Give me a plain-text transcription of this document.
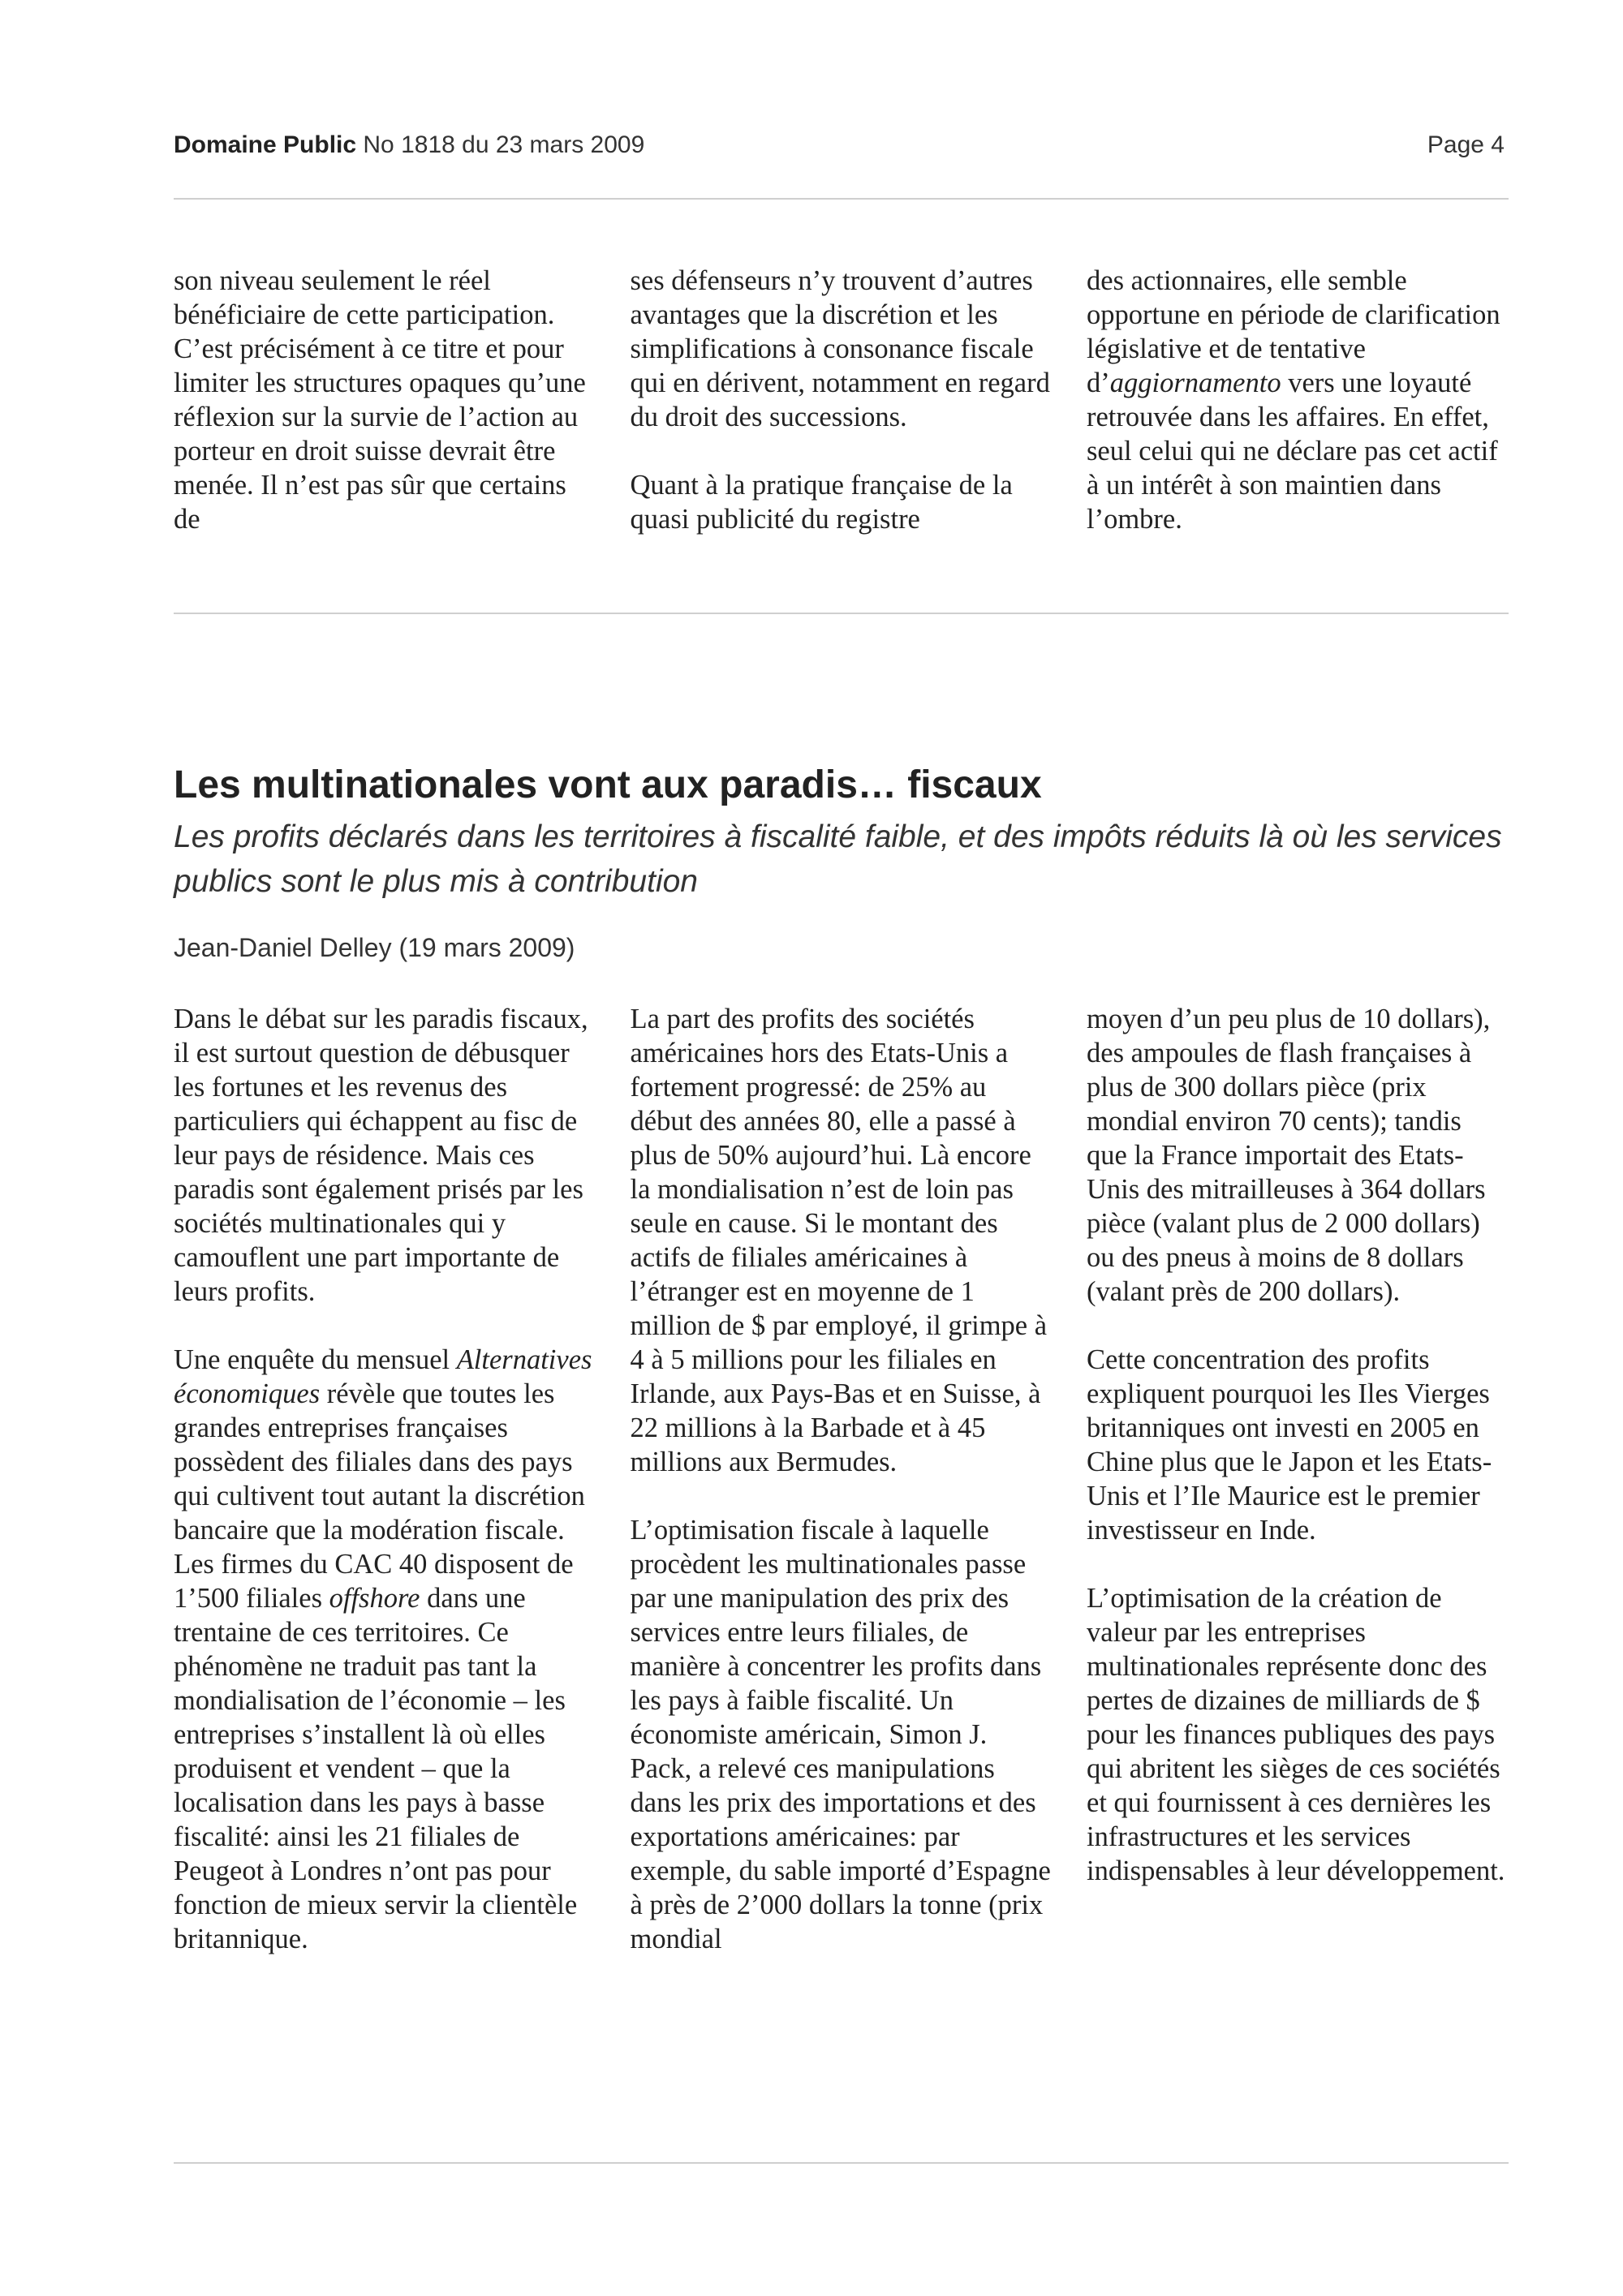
Domaine Public No 1818 du 23 mars 2009	Page 4

son niveau seulement le réel bénéficiaire de cette participation. C’est précisément à ce titre et pour limiter les structures opaques qu’une réflexion sur la survie de l’action au porteur en droit suisse devrait être menée. Il n’est pas sûr que certains de

ses défenseurs n’y trouvent d’autres avantages que la discrétion et les simplifications à consonance fiscale qui en dérivent, notamment en regard du droit des successions.

Quant à la pratique française de la quasi publicité du registre

des actionnaires, elle semble opportune en période de clarification législative et de tentative d’aggiornamento vers une loyauté retrouvée dans les affaires. En effet, seul celui qui ne déclare pas cet actif à un intérêt à son maintien dans l’ombre.

Les multinationales vont aux paradis… fiscaux
Les profits déclarés dans les territoires à fiscalité faible, et des impôts réduits là où les services publics sont le plus mis à contribution
Jean-Daniel Delley (19 mars 2009)

Dans le débat sur les paradis fiscaux, il est surtout question de débusquer les fortunes et les revenus des particuliers qui échappent au fisc de leur pays de résidence. Mais ces paradis sont également prisés par les sociétés multinationales qui y camouflent une part importante de leurs profits.

Une enquête du mensuel Alternatives économiques révèle que toutes les grandes entreprises françaises possèdent des filiales dans des pays qui cultivent tout autant la discrétion bancaire que la modération fiscale. Les firmes du CAC 40 disposent de 1’500 filiales offshore dans une trentaine de ces territoires. Ce phénomène ne traduit pas tant la mondialisation de l’économie – les entreprises s’installent là où elles produisent et vendent – que la localisation dans les pays à basse fiscalité: ainsi les 21 filiales de Peugeot à Londres n’ont pas pour fonction de mieux servir la clientèle britannique.

La part des profits des sociétés américaines hors des Etats-Unis a fortement progressé: de 25% au début des années 80, elle a passé à plus de 50% aujourd’hui. Là encore la mondialisation n’est de loin pas seule en cause. Si le montant des actifs de filiales américaines à l’étranger est en moyenne de 1 million de $ par employé, il grimpe à 4 à 5 millions pour les filiales en Irlande, aux Pays-Bas et en Suisse, à 22 millions à la Barbade et à 45 millions aux Bermudes.

L’optimisation fiscale à laquelle procèdent les multinationales passe par une manipulation des prix des services entre leurs filiales, de manière à concentrer les profits dans les pays à faible fiscalité. Un économiste américain, Simon J. Pack, a relevé ces manipulations dans les prix des importations et des exportations américaines: par exemple, du sable importé d’Espagne à près de 2’000 dollars la tonne (prix mondial

moyen d’un peu plus de 10 dollars), des ampoules de flash françaises à plus de 300 dollars pièce (prix mondial environ 70 cents); tandis que la France importait des Etats-Unis des mitrailleuses à 364 dollars pièce (valant plus de 2 000 dollars) ou des pneus à moins de 8 dollars (valant près de 200 dollars).

Cette concentration des profits expliquent pourquoi les Iles Vierges britanniques ont investi en 2005 en Chine plus que le Japon et les Etats-Unis et l’Ile Maurice est le premier investisseur en Inde.

L’optimisation de la création de valeur par les entreprises multinationales représente donc des pertes de dizaines de milliards de $ pour les finances publiques des pays qui abritent les sièges de ces sociétés et qui fournissent à ces dernières les infrastructures et les services indispensables à leur développement.
